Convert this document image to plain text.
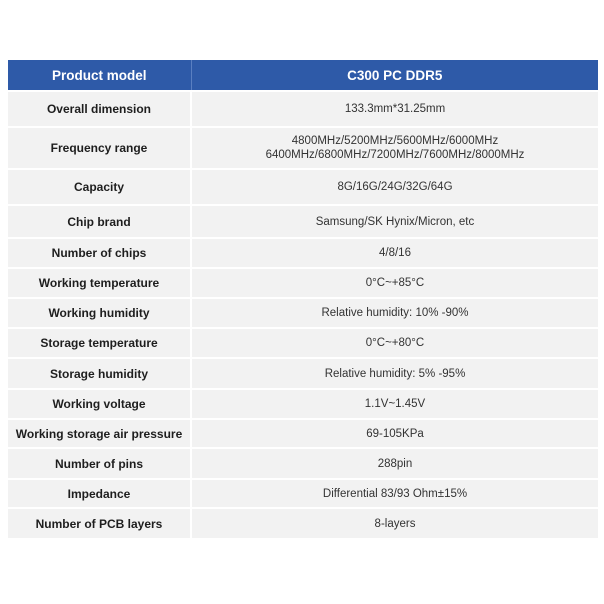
Product model	C300 PC DDR5
Overall dimension	133.3mm*31.25mm

Frequency range	4800MHz/5200MHz/5600MHz/6000MHz
6400MHz/6800MHz/7200MHz/7600MHz/8000MHz

Capacity	8G/16G/24G/32G/64G

Chip brand	Samsung/SK Hynix/Micron, etc

Number of chips	4/8/16

Working temperature	0°C~+85°C

Working humidity	Relative humidity: 10% -90%

Storage temperature	0°C~+80°C

Storage humidity	Relative humidity: 5% -95%

Working voltage	1.1V~1.45V

Working storage air pressure	69-105KPa

Number of pins	288pin

Impedance	Differential 83/93 Ohm±15%

Number of PCB layers	8-layers
